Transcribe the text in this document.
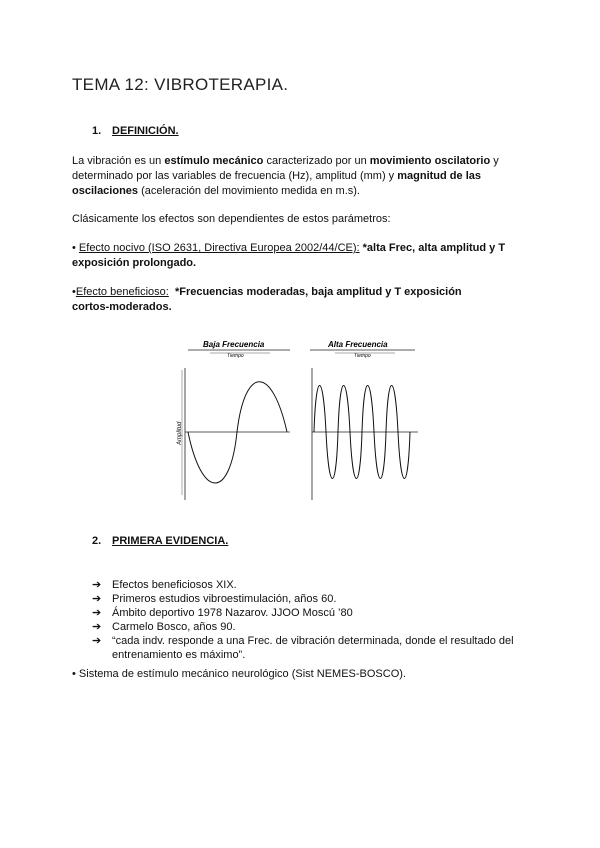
TEMA 12: VIBROTERAPIA.
1. DEFINICIÓN.
La vibración es un estímulo mecánico caracterizado por un movimiento oscilatorio y determinado por las variables de frecuencia (Hz), amplitud (mm) y magnitud de las oscilaciones (aceleración del movimiento medida en m.s).
Clásicamente los efectos son dependientes de estos parámetros:
• Efecto nocivo (ISO 2631, Directiva Europea 2002/44/CE): *alta Frec, alta amplitud y T exposición prolongado.
•Efecto beneficioso: *Frecuencias moderadas, baja amplitud y T exposición cortos-moderados.
Baja Frecuencia
Tiempo
Amplitud
Alta Frecuencia
Tiempo
2. PRIMERA EVIDENCIA.
➔ Efectos beneficiosos XIX.
➔ Primeros estudios vibroestimulación, años 60.
➔ Ámbito deportivo 1978 Nazarov. JJOO Moscú ’80
➔ Carmelo Bosco, años 90.
➔ “cada indv. responde a una Frec. de vibración determinada, donde el resultado del entrenamiento es máximo”.
• Sistema de estímulo mecánico neurológico (Sist NEMES-BOSCO).
